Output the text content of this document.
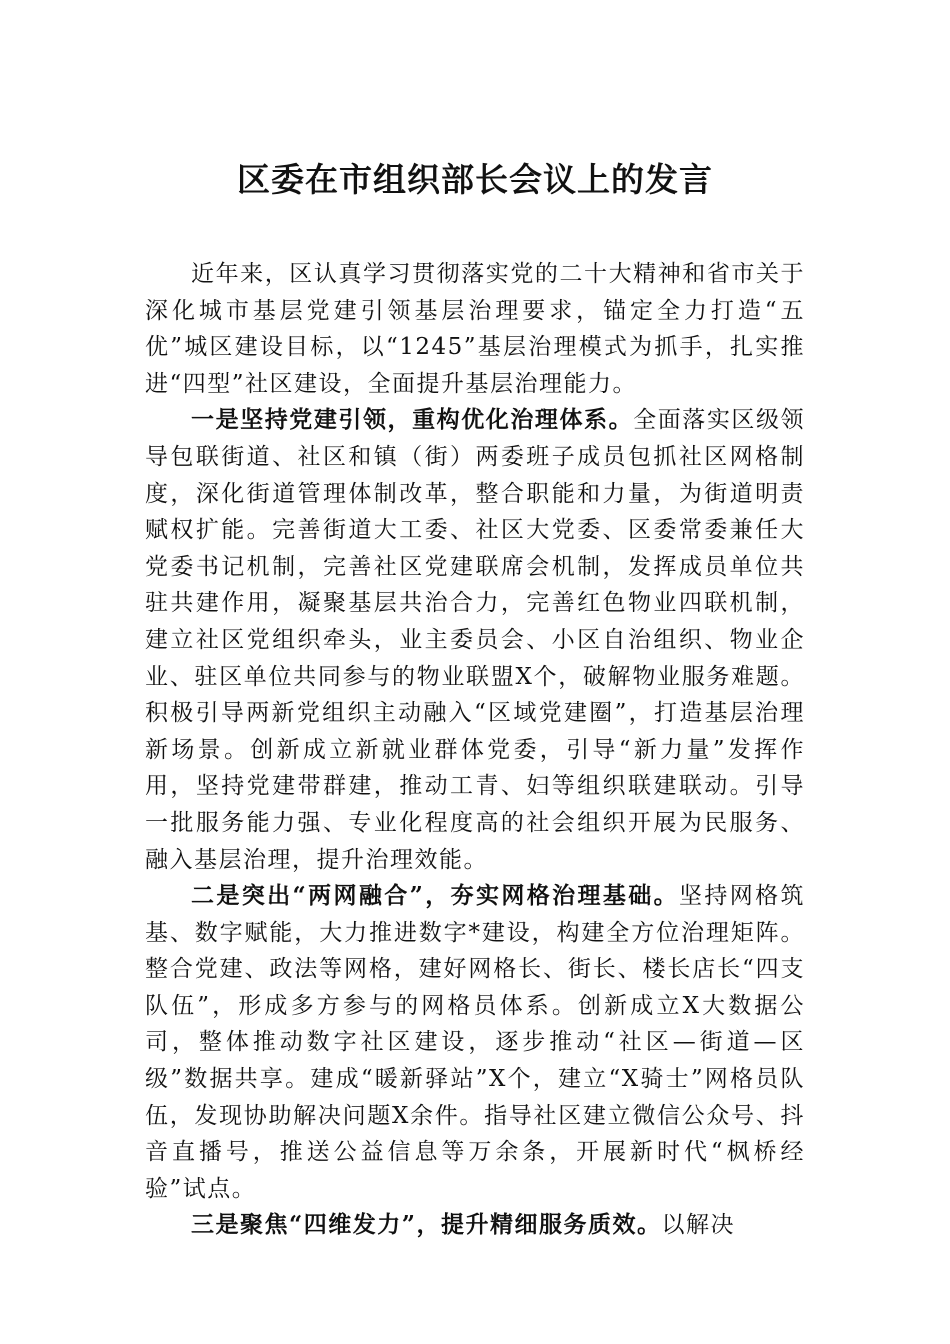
区委在市组织部长会议上的发言

近年来，区认真学习贯彻落实党的二十大精神和省市关于深化城市基层党建引领基层治理要求，锚定全力打造“五优”城区建设目标，以“1245”基层治理模式为抓手，扎实推进“四型”社区建设，全面提升基层治理能力。

一是坚持党建引领，重构优化治理体系。全面落实区级领导包联街道、社区和镇（街）两委班子成员包抓社区网格制度，深化街道管理体制改革，整合职能和力量，为街道明责赋权扩能。完善街道大工委、社区大党委、区委常委兼任大党委书记机制，完善社区党建联席会机制，发挥成员单位共驻共建作用，凝聚基层共治合力，完善红色物业四联机制，建立社区党组织牵头，业主委员会、小区自治组织、物业企业、驻区单位共同参与的物业联盟X个，破解物业服务难题。积极引导两新党组织主动融入“区域党建圈”，打造基层治理新场景。创新成立新就业群体党委，引导“新力量”发挥作用，坚持党建带群建，推动工青、妇等组织联建联动。引导一批服务能力强、专业化程度高的社会组织开展为民服务、融入基层治理，提升治理效能。

二是突出“两网融合”，夯实网格治理基础。坚持网格筑基、数字赋能，大力推进数字*建设，构建全方位治理矩阵。整合党建、政法等网格，建好网格长、街长、楼长店长“四支队伍”，形成多方参与的网格员体系。创新成立X大数据公司，整体推动数字社区建设，逐步推动“社区—街道—区级”数据共享。建成“暖新驿站”X个，建立“X骑士”网格员队伍，发现协助解决问题X余件。指导社区建立微信公众号、抖音直播号，推送公益信息等万余条，开展新时代“枫桥经验”试点。

三是聚焦“四维发力”，提升精细服务质效。以解决
